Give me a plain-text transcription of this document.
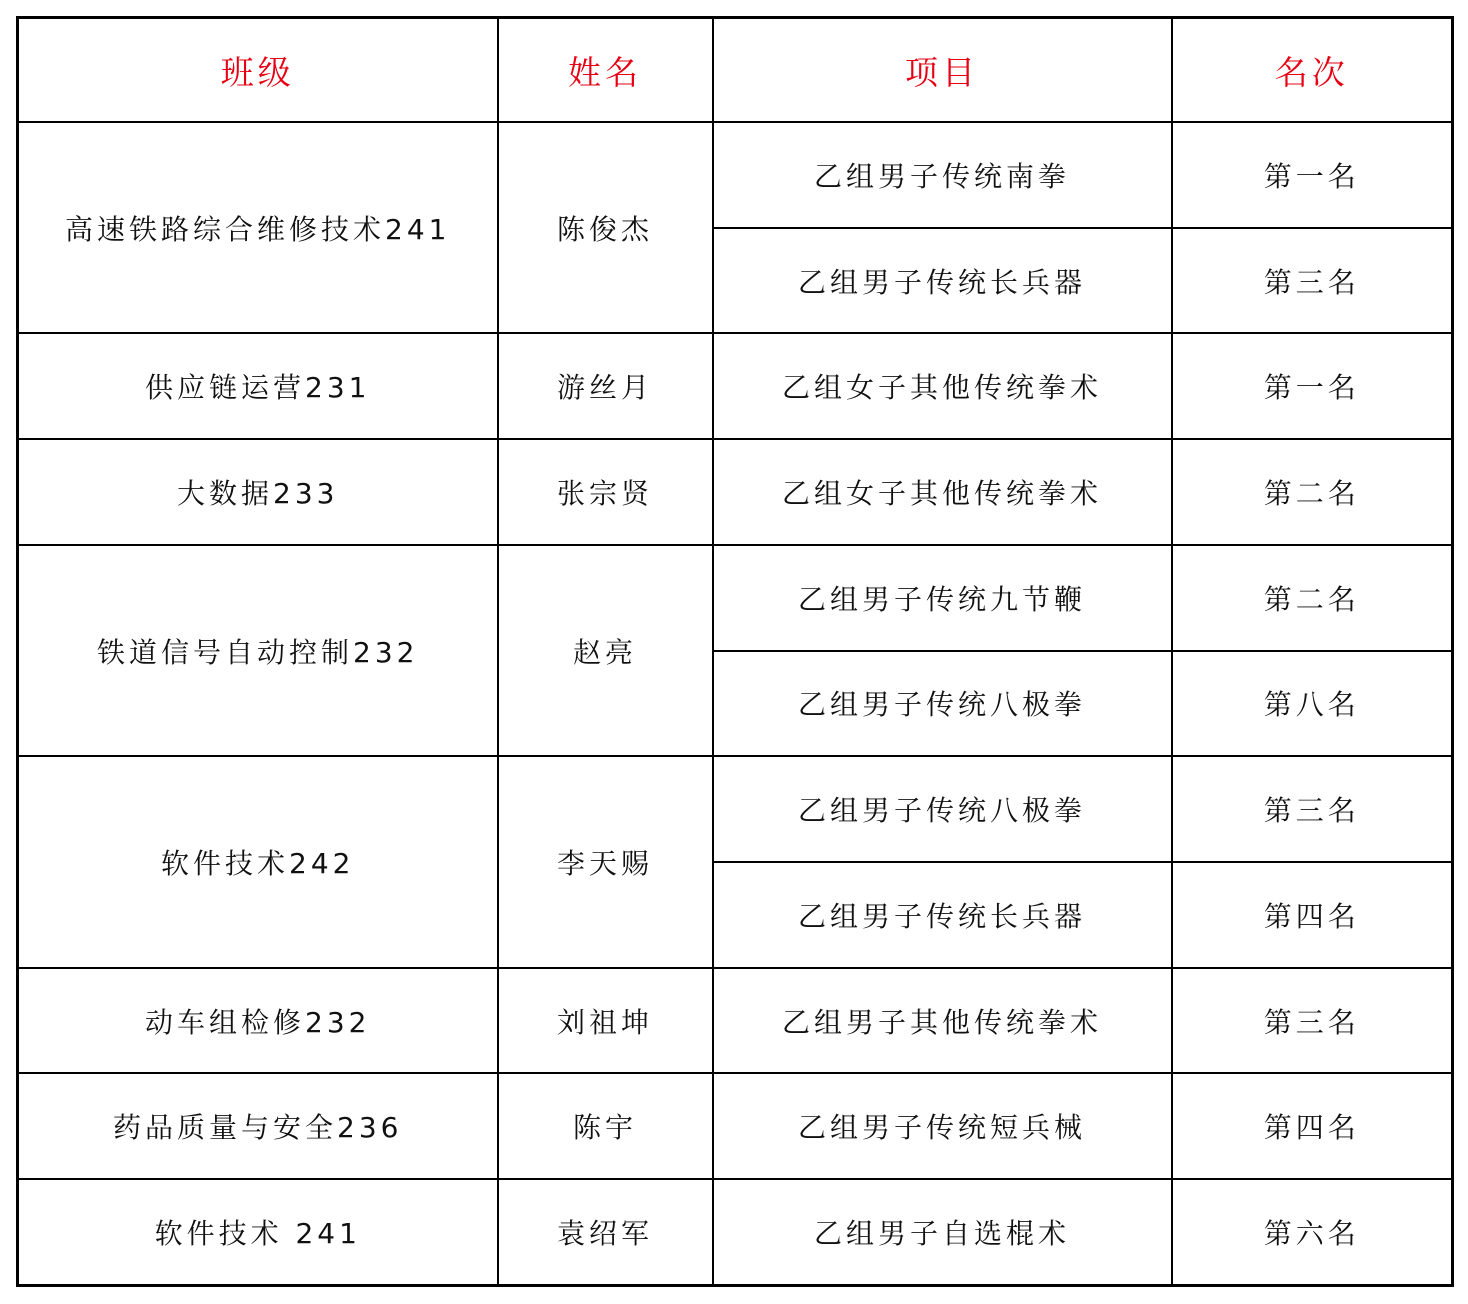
班级	姓名	项目	名次
高速铁路综合维修技术241	陈俊杰	乙组男子传统南拳	第一名
		乙组男子传统长兵器	第三名
供应链运营231	游丝月	乙组女子其他传统拳术	第一名
大数据233	张宗贤	乙组女子其他传统拳术	第二名
铁道信号自动控制232	赵亮	乙组男子传统九节鞭	第二名
		乙组男子传统八极拳	第八名
软件技术242	李天赐	乙组男子传统八极拳	第三名
		乙组男子传统长兵器	第四名
动车组检修232	刘祖坤	乙组男子其他传统拳术	第三名
药品质量与安全236	陈宇	乙组男子传统短兵械	第四名
软件技术 241	袁绍军	乙组男子自选棍术	第六名
